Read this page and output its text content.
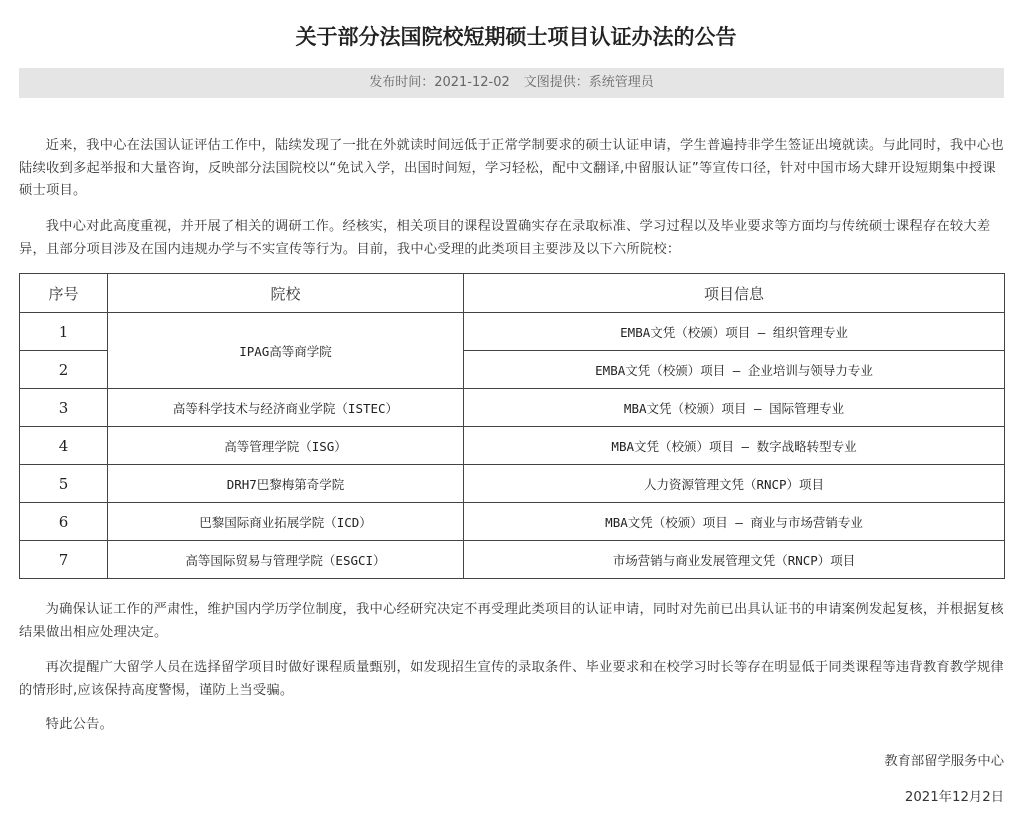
关于部分法国院校短期硕士项目认证办法的公告
发布时间：2021-12-02 文图提供：系统管理员

近来，我中心在法国认证评估工作中，陆续发现了一批在外就读时间远低于正常学制要求的硕士认证申请，学生普遍持非学生签证出境就读。与此同时，我中心也陆续收到多起举报和大量咨询，反映部分法国院校以“免试入学，出国时间短，学习轻松，配中文翻译,中留服认证”等宣传口径，针对中国市场大肆开设短期集中授课硕士项目。

我中心对此高度重视，并开展了相关的调研工作。经核实，相关项目的课程设置确实存在录取标准、学习过程以及毕业要求等方面均与传统硕士课程存在较大差异，且部分项目涉及在国内违规办学与不实宣传等行为。目前，我中心受理的此类项目主要涉及以下六所院校：

序号	院校	项目信息
1	IPAG高等商学院	EMBA文凭（校颁）项目 – 组织管理专业
2		EMBA文凭（校颁）项目 – 企业培训与领导力专业
3	高等科学技术与经济商业学院（ISTEC）	MBA文凭（校颁）项目 – 国际管理专业
4	高等管理学院（ISG）	MBA文凭（校颁）项目 – 数字战略转型专业
5	DRH7巴黎梅第奇学院	人力资源管理文凭（RNCP）项目
6	巴黎国际商业拓展学院（ICD）	MBA文凭（校颁）项目 – 商业与市场营销专业
7	高等国际贸易与管理学院（ESGCI）	市场营销与商业发展管理文凭（RNCP）项目

为确保认证工作的严肃性，维护国内学历学位制度，我中心经研究决定不再受理此类项目的认证申请，同时对先前已出具认证书的申请案例发起复核，并根据复核结果做出相应处理决定。

再次提醒广大留学人员在选择留学项目时做好课程质量甄别，如发现招生宣传的录取条件、毕业要求和在校学习时长等存在明显低于同类课程等违背教育教学规律的情形时,应该保持高度警惕，谨防上当受骗。

特此公告。

教育部留学服务中心
2021年12月2日
